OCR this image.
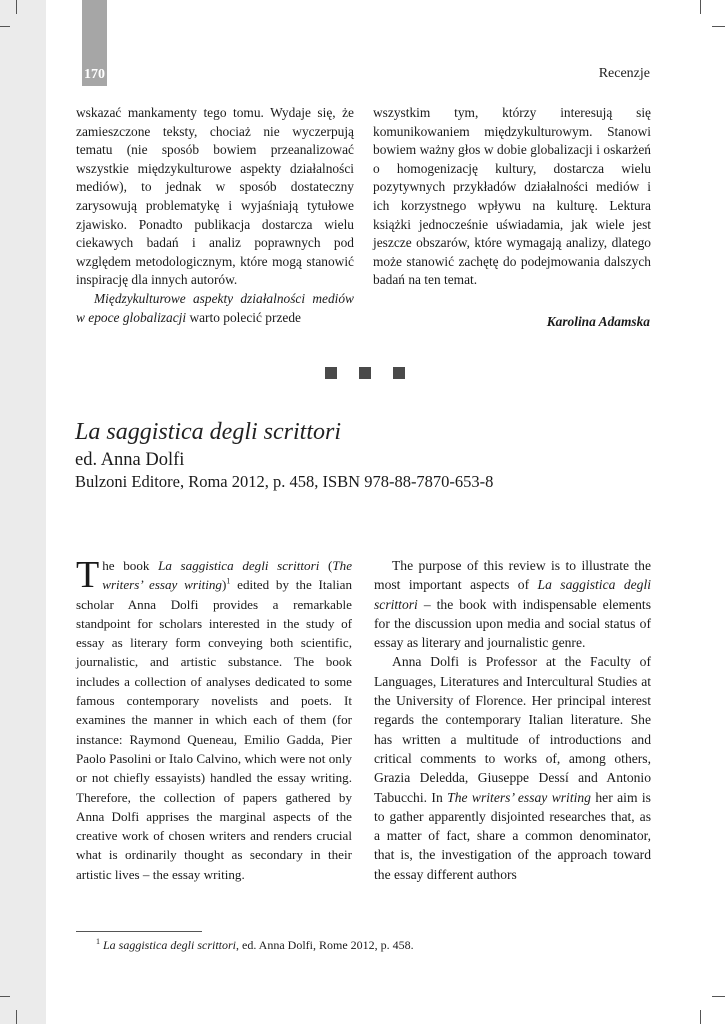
170	Recenzje

wskazać mankamenty tego tomu. Wydaje się, że zamieszczone teksty, chociaż nie wyczerpują tematu (nie sposób bowiem przeanalizować wszystkie międzykulturowe aspekty działalności mediów), to jednak w sposób dostateczny zarysowują problematykę i wyjaśniają tytułowe zjawisko. Ponadto publikacja dostarcza wielu ciekawych badań i analiz poprawnych pod względem metodologicznym, które mogą stanowić inspirację dla innych autorów.

Międzykulturowe aspekty działalności mediów w epoce globalizacji warto polecić przede

wszystkim tym, którzy interesują się komunikowaniem międzykulturowym. Stanowi bowiem ważny głos w dobie globalizacji i oskarżeń o homogenizację kultury, dostarcza wielu pozytywnych przykładów działalności mediów i ich korzystnego wpływu na kulturę. Lektura książki jednocześnie uświadamia, jak wiele jest jeszcze obszarów, które wymagają analizy, dlatego może stanowić zachętę do podejmowania dalszych badań na ten temat.

Karolina Adamska
La saggistica degli scrittori
ed. Anna Dolfi
Bulzoni Editore, Roma 2012, p. 458, ISBN 978-88-7870-653-8

The book La saggistica degli scrittori (The writers’ essay writing)$^1$ edited by the Italian scholar Anna Dolfi provides a remarkable standpoint for scholars interested in the study of essay as literary form conveying both scientific, journalistic, and artistic substance. The book includes a collection of analyses dedicated to some famous contemporary novelists and poets. It examines the manner in which each of them (for instance: Raymond Queneau, Emilio Gadda, Pier Paolo Pasolini or Italo Calvino, which were not only or not chiefly essayists) handled the essay writing. Therefore, the collection of papers gathered by Anna Dolfi apprises the marginal aspects of the creative work of chosen writers and renders crucial what is ordinarily thought as secondary in their artistic lives – the essay writing.

The purpose of this review is to illustrate the most important aspects of La saggistica degli scrittori – the book with indispensable elements for the discussion upon media and social status of essay as literary and journalistic genre.

Anna Dolfi is Professor at the Faculty of Languages, Literatures and Intercultural Studies at the University of Florence. Her principal interest regards the contemporary Italian literature. She has written a multitude of introductions and critical comments to works of, among others, Grazia Deledda, Giuseppe Dessí and Antonio Tabucchi. In The writers’ essay writing her aim is to gather apparently disjointed researches that, as a matter of fact, share a common denominator, that is, the investigation of the approach toward the essay different authors

$^1$ La saggistica degli scrittori, ed. Anna Dolfi, Rome 2012, p. 458.
